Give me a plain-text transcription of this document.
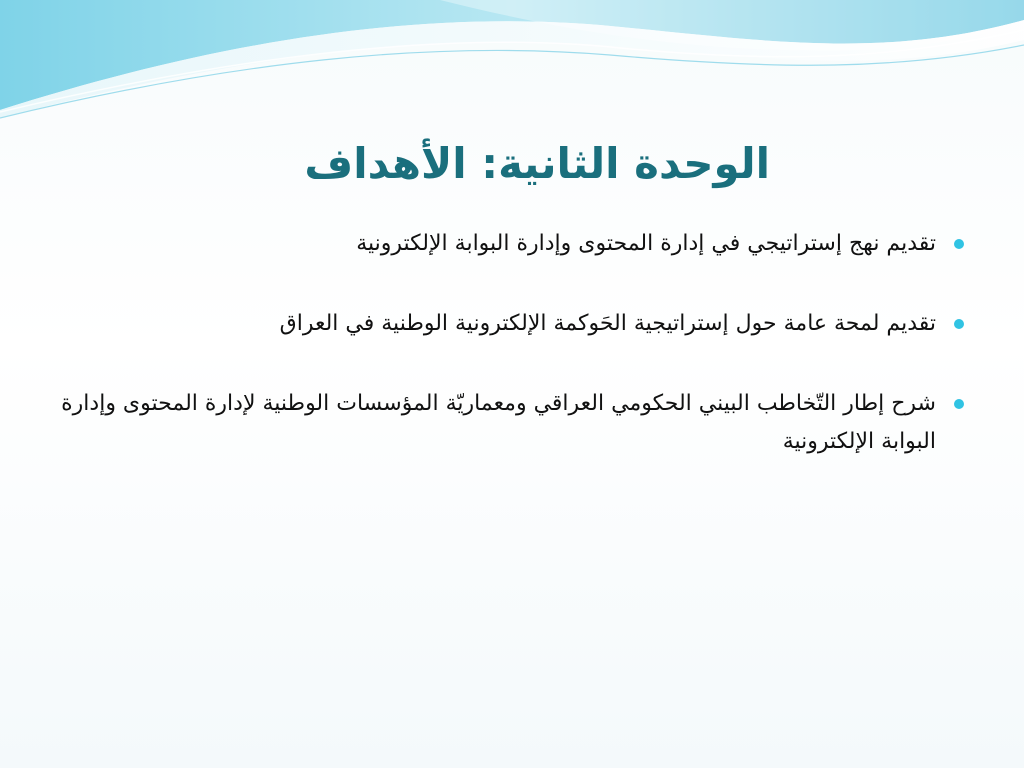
الوحدة الثانية: الأهداف
تقديم نهج إستراتيجي في إدارة المحتوى وإدارة البوابة الإلكترونية
تقديم لمحة عامة حول إستراتيجية الحَوكمة الإلكترونية الوطنية في العراق
شرح إطار التّخاطب البيني الحكومي العراقي ومعماريّة المؤسسات الوطنية لإدارة المحتوى وإدارة البوابة الإلكترونية
